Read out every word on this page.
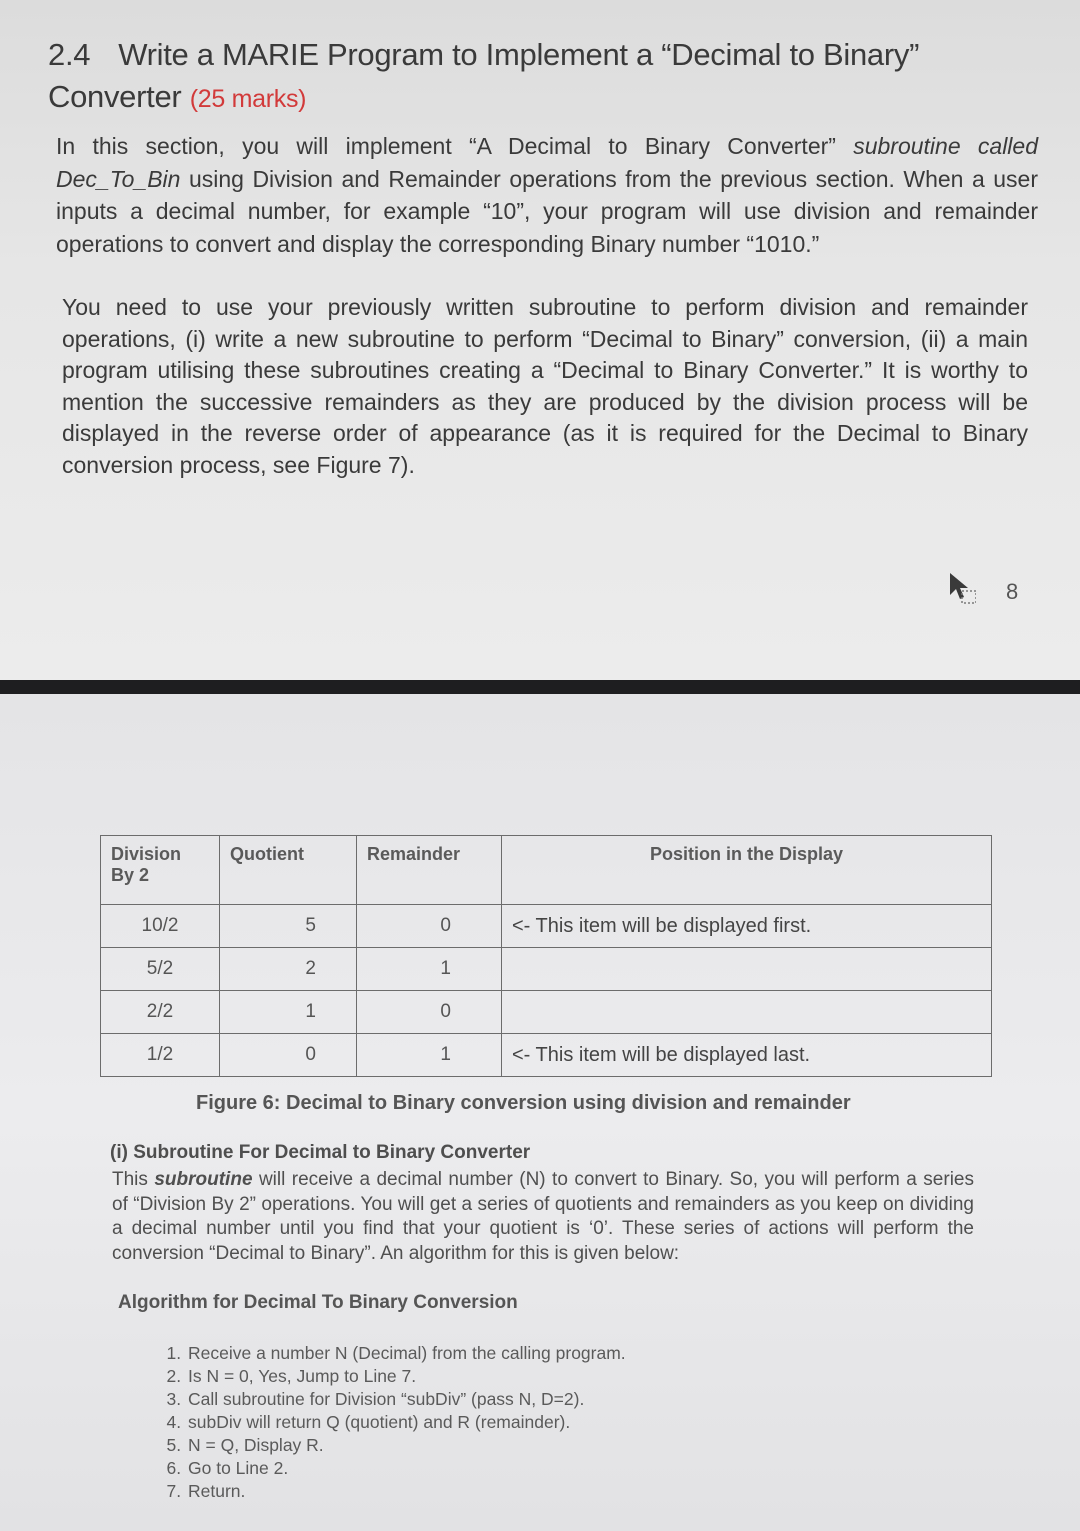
2.4 Write a MARIE Program to Implement a “Decimal to Binary”
Converter (25 marks)
In this section, you will implement “A Decimal to Binary Converter” subroutine called Dec_To_Bin using Division and Remainder operations from the previous section. When a user inputs a decimal number, for example “10”, your program will use division and remainder operations to convert and display the corresponding Binary number “1010.”
You need to use your previously written subroutine to perform division and remainder operations, (i) write a new subroutine to perform “Decimal to Binary” conversion, (ii) a main program utilising these subroutines creating a “Decimal to Binary Converter.” It is worthy to mention the successive remainders as they are produced by the division process will be displayed in the reverse order of appearance (as it is required for the Decimal to Binary conversion process, see Figure 7).
8
Division By 2	Quotient	Remainder	Position in the Display
10/2	5	0	<- This item will be displayed first.
5/2	2	1	
2/2	1	0	
1/2	0	1	<- This item will be displayed last.
Figure 6: Decimal to Binary conversion using division and remainder
(i) Subroutine For Decimal to Binary Converter
This subroutine will receive a decimal number (N) to convert to Binary. So, you will perform a series of “Division By 2” operations. You will get a series of quotients and remainders as you keep on dividing a decimal number until you find that your quotient is ‘0’. These series of actions will perform the conversion “Decimal to Binary”. An algorithm for this is given below:
Algorithm for Decimal To Binary Conversion
1. Receive a number N (Decimal) from the calling program.
2. Is N = 0, Yes, Jump to Line 7.
3. Call subroutine for Division “subDiv” (pass N, D=2).
4. subDiv will return Q (quotient) and R (remainder).
5. N = Q, Display R.
6. Go to Line 2.
7. Return.
